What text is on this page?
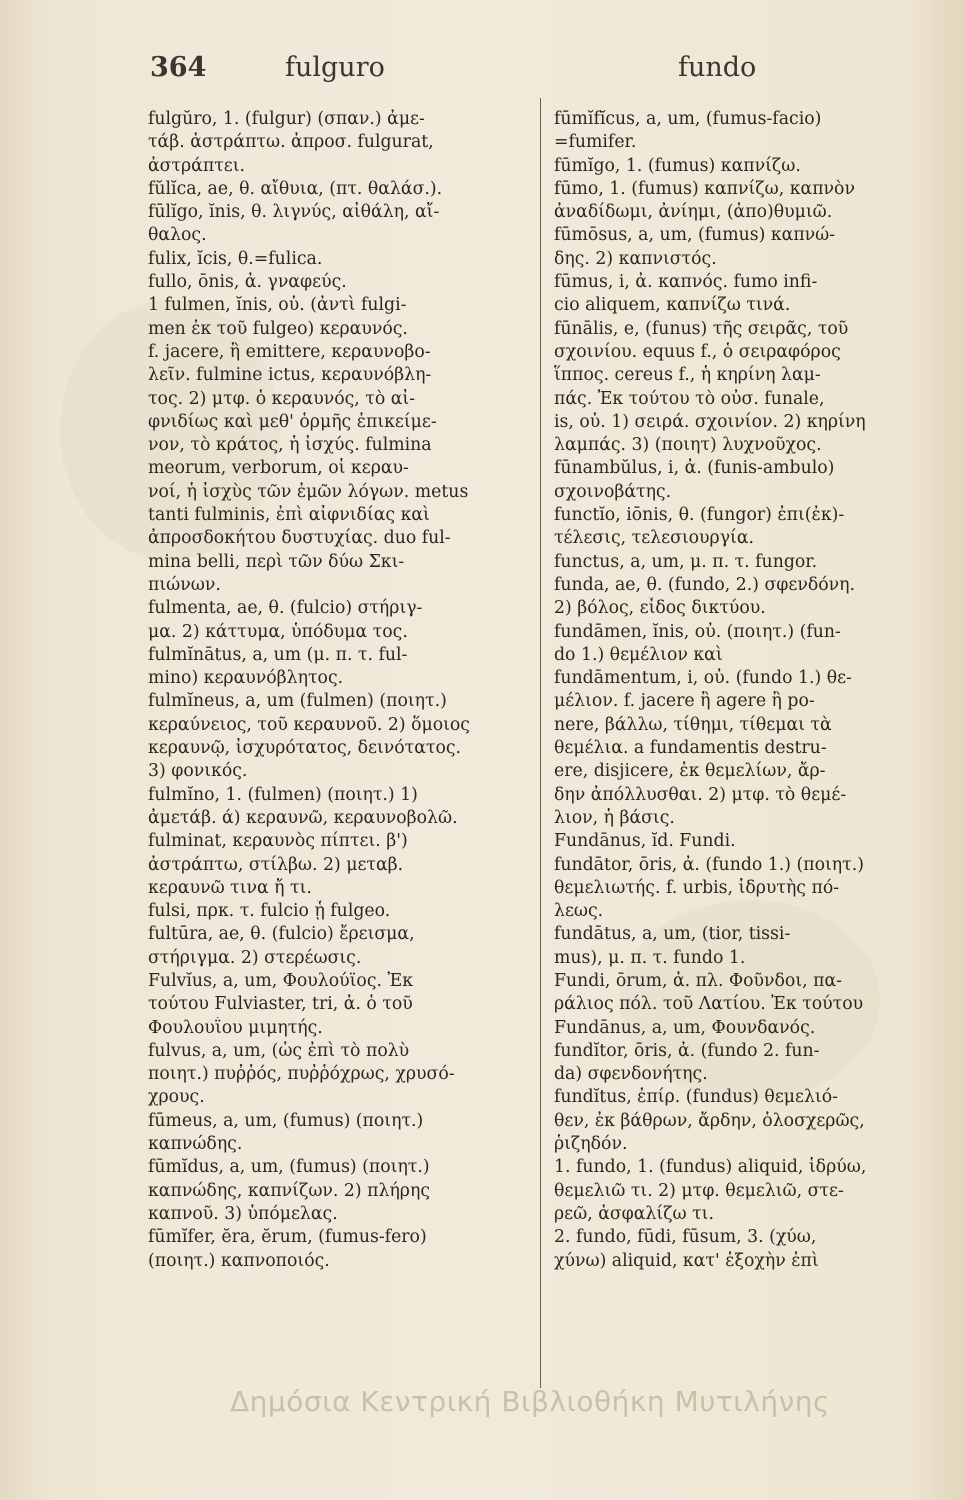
364	fulguro	fundo
fulgŭro, 1. (fulgur) (σπαν.) ἀμε-
τάβ. ἀστράπτω. ἀπροσ. fulgurat,
ἀστράπτει.
fŭlĭca, ae, θ. αἴθυια, (πτ. θαλάσ.).
fūlĭgo, ĭnis, θ. λιγνύς, αἰθάλη, αἴ-
θαλος.
fulix, ĭcis, θ.=fulica.
fullo, ōnis, ἀ. γναφεύς.
1 fulmen, ĭnis, οὐ. (ἀντὶ fulgi-
men ἐκ τοῦ fulgeo) κεραυνός.
f. jacere, ἢ emittere, κεραυνοβο-
λεῖν. fulmine ictus, κεραυνόβλη-
τος. 2) μτφ. ὁ κεραυνός, τὸ αἰ-
φνιδίως καὶ μεθ' ὁρμῆς ἐπικείμε-
νον, τὸ κράτος, ἡ ἰσχύς. fulmina
meorum, verborum, οἱ κεραυ-
νοί, ἡ ἰσχὺς τῶν ἐμῶν λόγων. metus
tanti fulminis, ἐπὶ αἰφνιδίας καὶ
ἀπροσδοκήτου δυστυχίας. duo ful-
mina belli, περὶ τῶν δύω Σκι-
πιώνων.
fulmenta, ae, θ. (fulcio) στήριγ-
μα. 2) κάττυμα, ὑπόδυμα τος.
fulmĭnātus, a, um (μ. π. τ. ful-
mino) κεραυνόβλητος.
fulmĭneus, a, um (fulmen) (ποιητ.)
κεραύνειος, τοῦ κεραυνοῦ. 2) ὅμοιος
κεραυνῷ, ἰσχυρότατος, δεινότατος.
3) φονικός.
fulmĭno, 1. (fulmen) (ποιητ.) 1)
ἀμετάβ. ά) κεραυνῶ, κεραυνοβολῶ.
fulminat, κεραυνὸς πίπτει. β')
ἀστράπτω, στίλβω. 2) μεταβ.
κεραυνῶ τινα ἤ τι.
fulsi, πρκ. τ. fulcio ᾗ fulgeo.
fultūra, ae, θ. (fulcio) ἔρεισμα,
στήριγμα. 2) στερέωσις.
Fulvĭus, a, um, Φουλούϊος. Ἐκ
τούτου Fulviaster, tri, ἀ. ὁ τοῦ
Φουλουΐου μιμητής.
fulvus, a, um, (ὡς ἐπὶ τὸ πολὺ
ποιητ.) πυῤῥός, πυῤῥόχρως, χρυσό-
χρους.
fūmeus, a, um, (fumus) (ποιητ.)
καπνώδης.
fūmĭdus, a, um, (fumus) (ποιητ.)
καπνώδης, καπνίζων. 2) πλήρης
καπνοῦ. 3) ὑπόμελας.
fūmĭfer, ĕra, ĕrum, (fumus-fero)
(ποιητ.) καπνοποιός.
fūmĭfĭcus, a, um, (fumus-facio)
=fumifer.
fūmĭgo, 1. (fumus) καπνίζω.
fūmo, 1. (fumus) καπνίζω, καπνὸν
ἀναδίδωμι, ἀνίημι, (ἀπο)θυμιῶ.
fūmōsus, a, um, (fumus) καπνώ-
δης. 2) καπνιστός.
fūmus, i, ἀ. καπνός. fumo infi-
cio aliquem, καπνίζω τινά.
fūnālis, e, (funus) τῆς σειρᾶς, τοῦ
σχοινίου. equus f., ὁ σειραφόρος
ἵππος. cereus f., ἡ κηρίνη λαμ-
πάς. Ἐκ τούτου τὸ οὐσ. funale,
is, οὐ. 1) σειρά. σχοινίον. 2) κηρίνη
λαμπάς. 3) (ποιητ) λυχνοῦχος.
fūnambŭlus, i, ἀ. (funis-ambulo)
σχοινοβάτης.
functĭo, iōnis, θ. (fungor) ἐπι(ἐκ)-
τέλεσις, τελεσιουργία.
functus, a, um, μ. π. τ. fungor.
funda, ae, θ. (fundo, 2.) σφενδόνη.
2) βόλος, εἶδος δικτύου.
fundāmen, ĭnis, οὐ. (ποιητ.) (fun-
do 1.) θεμέλιον καὶ
fundāmentum, i, οὐ. (fundo 1.) θε-
μέλιον. f. jacere ἢ agere ἢ po-
nere, βάλλω, τίθημι, τίθεμαι τὰ
θεμέλια. a fundamentis destru-
ere, disjicere, ἐκ θεμελίων, ἄρ-
δην ἀπόλλυσθαι. 2) μτφ. τὸ θεμέ-
λιον, ἡ βάσις.
Fundānus, ĭd. Fundi.
fundātor, ōris, ἀ. (fundo 1.) (ποιητ.)
θεμελιωτής. f. urbis, ἱδρυτὴς πό-
λεως.
fundātus, a, um, (tior, tissi-
mus), μ. π. τ. fundo 1.
Fundi, ōrum, ἀ. πλ. Φοῦνδοι, πα-
ράλιος πόλ. τοῦ Λατίου. Ἐκ τούτου
Fundānus, a, um, Φουνδανός.
fundĭtor, ōris, ἀ. (fundo 2. fun-
da) σφενδονήτης.
fundĭtus, ἐπίρ. (fundus) θεμελιό-
θεν, ἐκ βάθρων, ἄρδην, ὁλοσχερῶς,
ῥιζηδόν.
1. fundo, 1. (fundus) aliquid, ἱδρύω,
θεμελιῶ τι. 2) μτφ. θεμελιῶ, στε-
ρεῶ, ἀσφαλίζω τι.
2. fundo, fūdi, fūsum, 3. (χύω,
χύνω) aliquid, κατ' ἐξοχὴν ἐπὶ
Δημόσια Κεντρική Βιβλιοθήκη Μυτιλήνης
